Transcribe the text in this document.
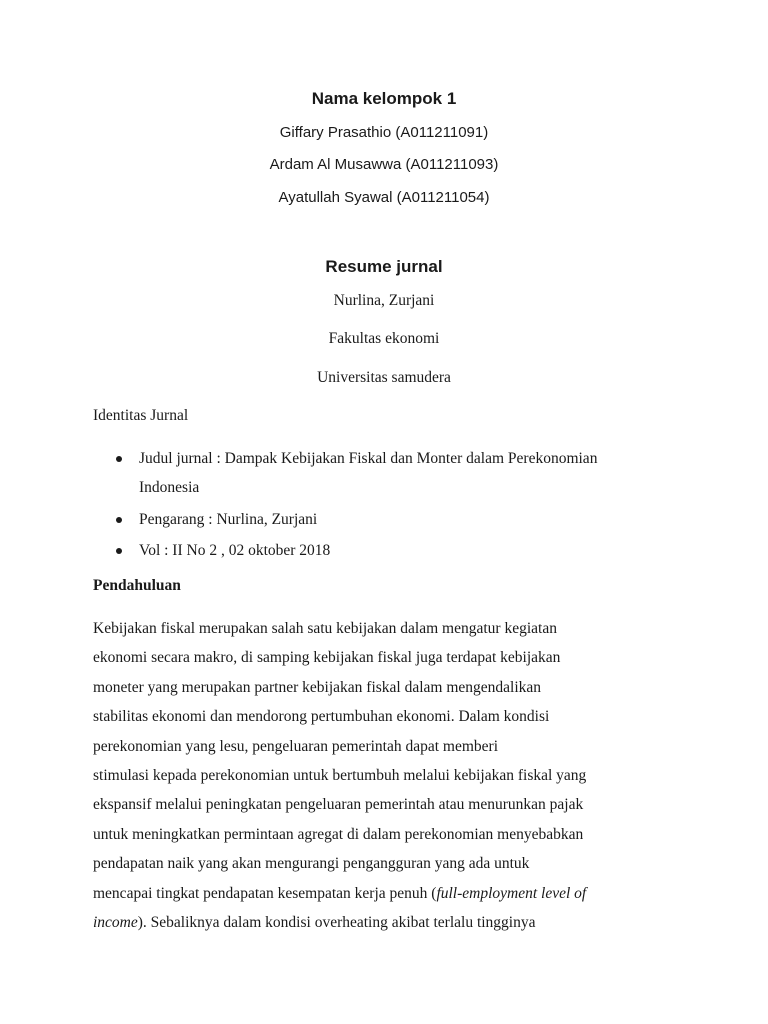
Nama kelompok 1
Giffary Prasathio (A011211091)
Ardam Al Musawwa (A011211093)
Ayatullah Syawal (A011211054)
Resume jurnal
Nurlina, Zurjani
Fakultas ekonomi
Universitas samudera
Identitas Jurnal
Judul jurnal : Dampak Kebijakan Fiskal dan Monter dalam Perekonomian
Indonesia
Pengarang : Nurlina, Zurjani
Vol : II No 2 , 02 oktober 2018
Pendahuluan
Kebijakan fiskal merupakan salah satu kebijakan dalam mengatur kegiatan
ekonomi secara makro, di samping kebijakan fiskal juga terdapat kebijakan
moneter yang merupakan partner kebijakan fiskal dalam mengendalikan
stabilitas ekonomi dan mendorong pertumbuhan ekonomi. Dalam kondisi
perekonomian yang lesu, pengeluaran pemerintah dapat memberi
stimulasi kepada perekonomian untuk bertumbuh melalui kebijakan fiskal yang
ekspansif melalui peningkatan pengeluaran pemerintah atau menurunkan pajak
untuk meningkatkan permintaan agregat di dalam perekonomian menyebabkan
pendapatan naik yang akan mengurangi pengangguran yang ada untuk
mencapai tingkat pendapatan kesempatan kerja penuh (full-employment level of
income). Sebaliknya dalam kondisi overheating akibat terlalu tingginya
